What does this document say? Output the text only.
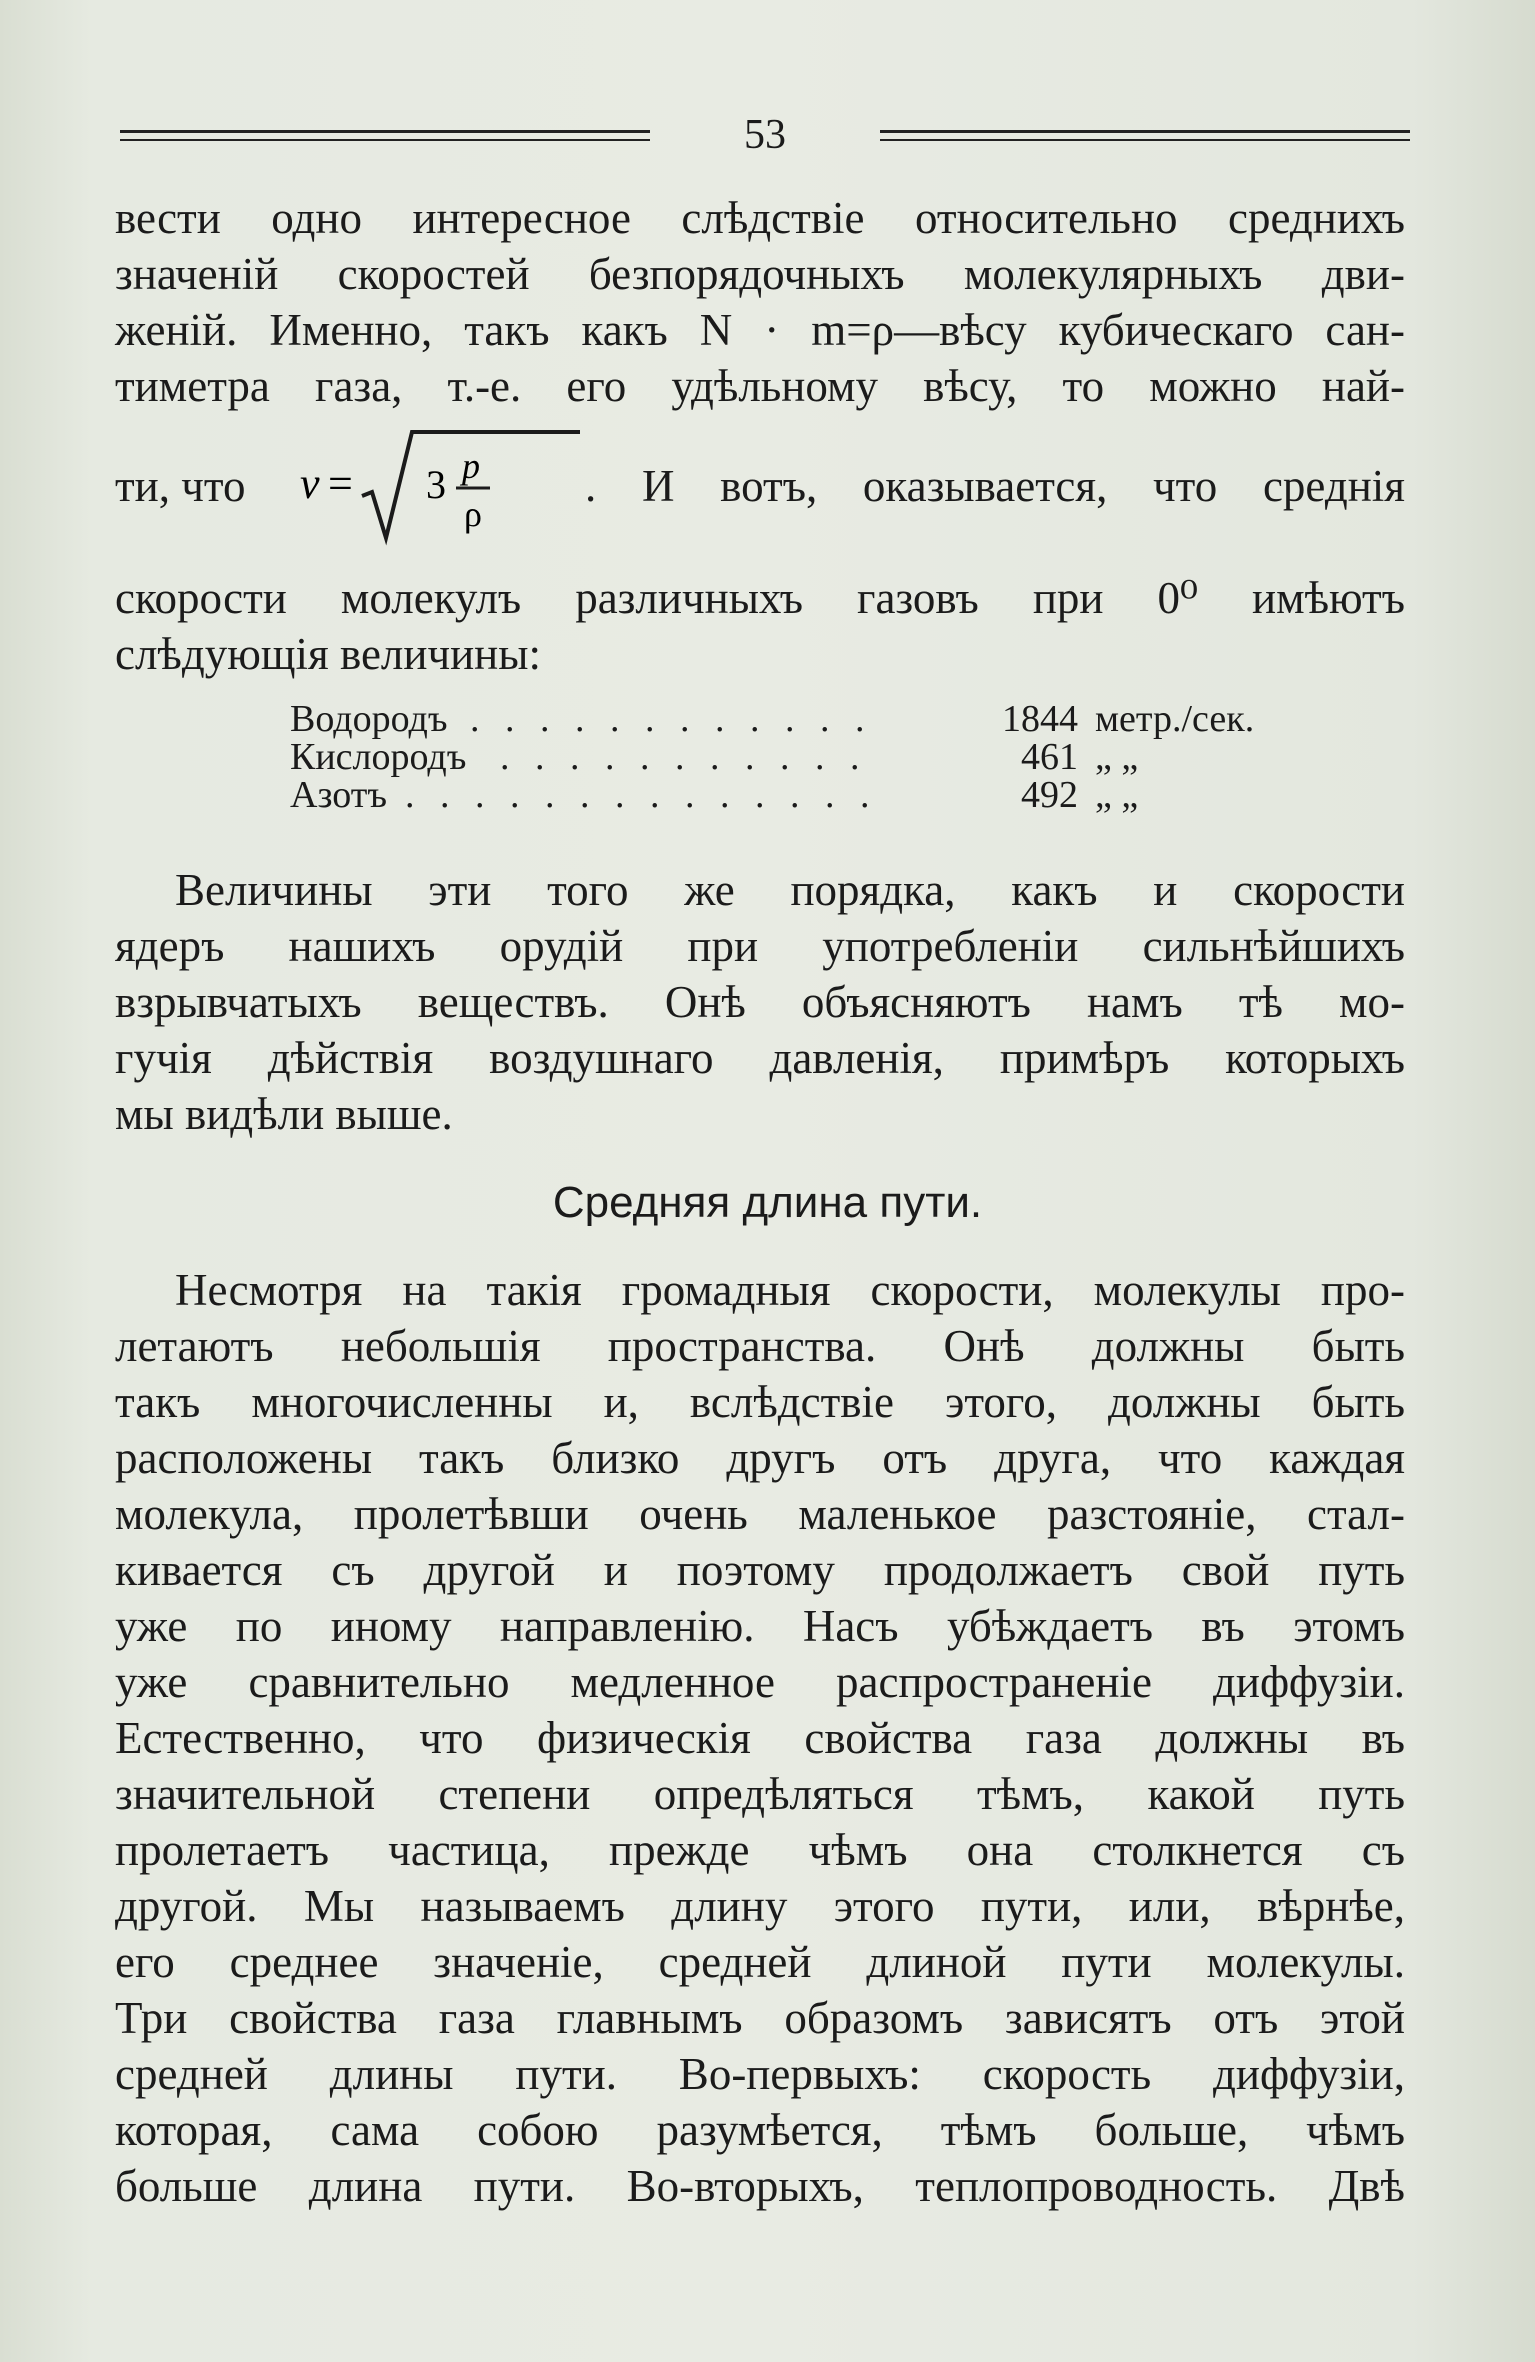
53
вести одно интересное слѣдствіе относительно среднихъ
значеній скоростей безпорядочныхъ молекулярныхъ дви-
женій. Именно, такъ какъ N · m=ρ—вѣсу кубическаго сан-
тиметра газа, т.-е. его удѣльному вѣсу, то можно най-
ти, что v = 3 p
ρ
. И вотъ, оказывается, что среднія
скорости молекулъ различныхъ газовъ при 0⁰ имѣютъ
слѣдующія величины:
Водородъ . . . . . . . . . . . .	1844 метр./сек.
Кислородъ . . . . . . . . . . .	461 „ „
Азотъ . . . . . . . . . . . . . .	492 „ „
Величины эти того же порядка, какъ и скорости
ядеръ нашихъ орудій при употребленіи сильнѣйшихъ
взрывчатыхъ веществъ. Онѣ объясняютъ намъ тѣ мо-
гучія дѣйствія воздушнаго давленія, примѣръ которыхъ
мы видѣли выше.
Средняя длина пути.
Несмотря на такія громадныя скорости, молекулы про-
летаютъ небольшія пространства. Онѣ должны быть
такъ многочисленны и, вслѣдствіе этого, должны быть
расположены такъ близко другъ отъ друга, что каждая
молекула, пролетѣвши очень маленькое разстояніе, стал-
кивается съ другой и поэтому продолжаетъ свой путь
уже по иному направленію. Насъ убѣждаетъ въ этомъ
уже сравнительно медленное распространеніе диффузіи.
Естественно, что физическія свойства газа должны въ
значительной степени опредѣляться тѣмъ, какой путь
пролетаетъ частица, прежде чѣмъ она столкнется съ
другой. Мы называемъ длину этого пути, или, вѣрнѣе,
его среднее значеніе, средней длиной пути молекулы.
Три свойства газа главнымъ образомъ зависятъ отъ этой
средней длины пути. Во-первыхъ: скорость диффузіи,
которая, сама собою разумѣется, тѣмъ больше, чѣмъ
больше длина пути. Во-вторыхъ, теплопроводность. Двѣ
